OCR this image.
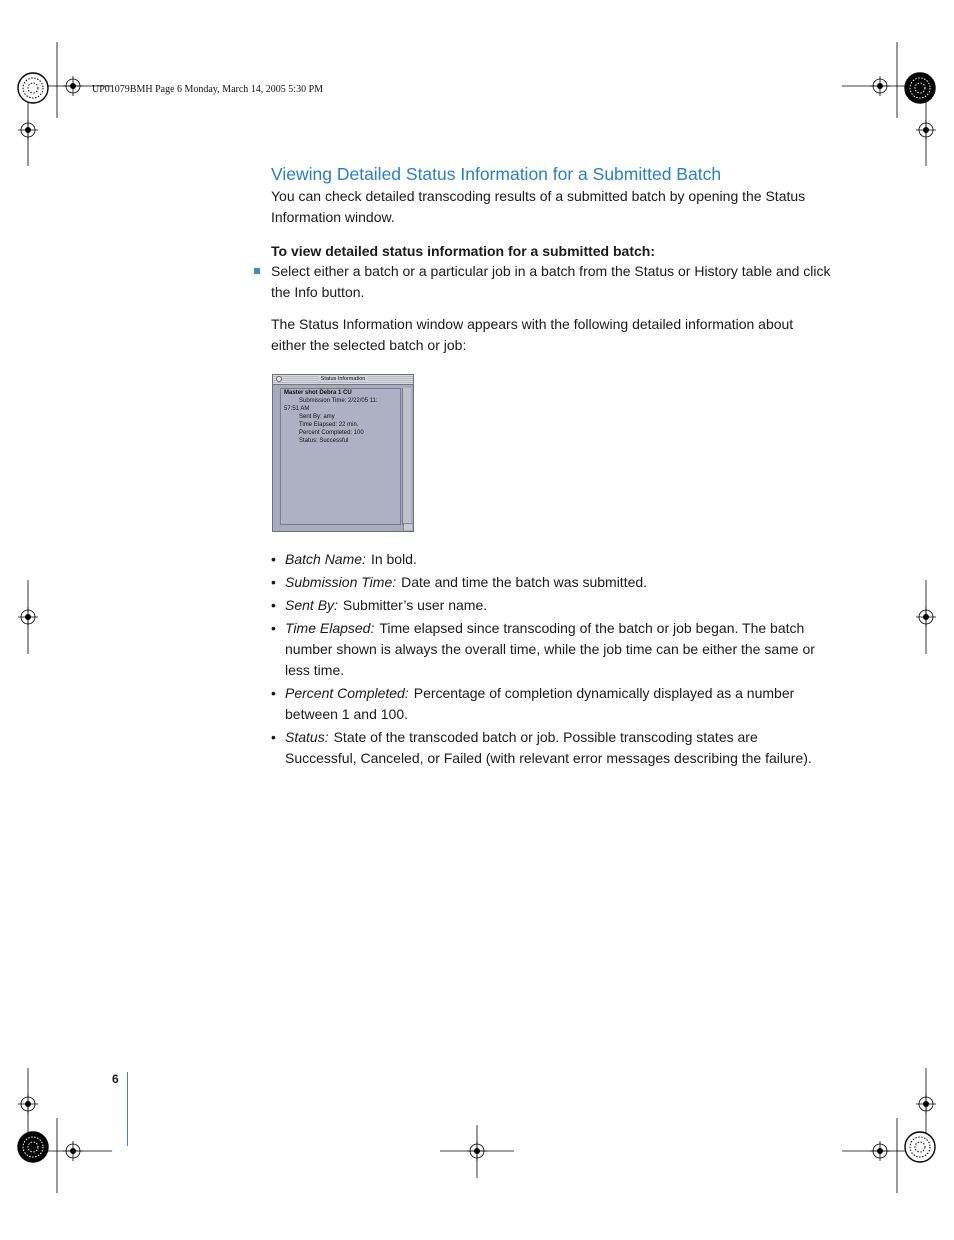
UP01079BMH Page 6 Monday, March 14, 2005 5:30 PM
Viewing Detailed Status Information for a Submitted Batch

You can check detailed transcoding results of a submitted batch by opening the Status Information window.

To view detailed status information for a submitted batch:
Select either a batch or a particular job in a batch from the Status or History table and click the Info button.

The Status Information window appears with the following detailed information about either the selected batch or job:

Status Information
Master shot Debra 1 CU
Submission Time: 2/22/05 11:
57:51 AM
Sent By: amy
Time Elapsed: 22 min.
Percent Completed: 100
Status: Successful
• Batch Name: In bold.
• Submission Time: Date and time the batch was submitted.
• Sent By: Submitter’s user name.
• Time Elapsed: Time elapsed since transcoding of the batch or job began. The batch number shown is always the overall time, while the job time can be either the same or less time.
• Percent Completed: Percentage of completion dynamically displayed as a number between 1 and 100.
• Status: State of the transcoded batch or job. Possible transcoding states are Successful, Canceled, or Failed (with relevant error messages describing the failure).
6
